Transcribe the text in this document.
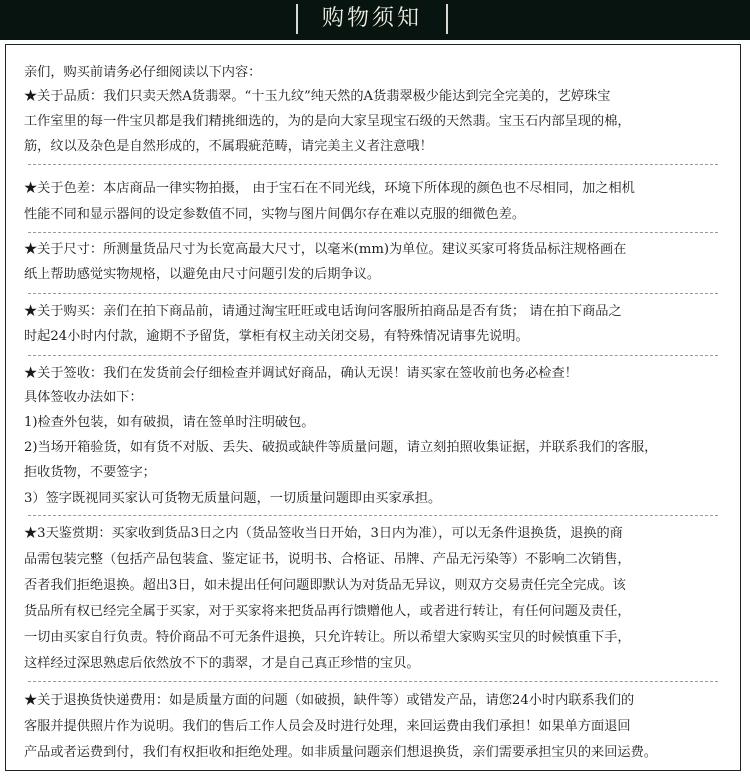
购物须知

亲们，购买前请务必仔细阅读以下内容：

★关于品质：我们只卖天然A货翡翠。“十玉九纹”纯天然的A货翡翠极少能达到完全完美的，艺婷珠宝

工作室里的每一件宝贝都是我们精挑细选的，为的是向大家呈现宝石级的天然翡。宝玉石内部呈现的棉，

筋，纹以及杂色是自然形成的，不属瑕疵范畴，请完美主义者注意哦！

★关于色差：本店商品一律实物拍摄， 由于宝石在不同光线，环境下所体现的颜色也不尽相同，加之相机

性能不同和显示器间的设定参数值不同，实物与图片间偶尔存在难以克服的细微色差。

★关于尺寸：所测量货品尺寸为长宽高最大尺寸，以毫米(mm)为单位。建议买家可将货品标注规格画在

纸上帮助感觉实物规格，以避免由尺寸问题引发的后期争议。

★关于购买：亲们在拍下商品前，请通过淘宝旺旺或电话询问客服所拍商品是否有货； 请在拍下商品之

时起24小时内付款，逾期不予留货，掌柜有权主动关闭交易，有特殊情况请事先说明。

★关于签收：我们在发货前会仔细检查并调试好商品，确认无误！请买家在签收前也务必检查！

具体签收办法如下：

1)检查外包装，如有破损，请在签单时注明破包。

2)当场开箱验货，如有货不对版、丢失、破损或缺件等质量问题，请立刻拍照收集证据，并联系我们的客服，

拒收货物，不要签字；

3）签字既视同买家认可货物无质量问题，一切质量问题即由买家承担。

★3天鉴赏期：买家收到货品3日之内（货品签收当日开始，3日内为准），可以无条件退换货，退换的商

品需包装完整（包括产品包装盒、鉴定证书，说明书、合格证、吊牌、产品无污染等）不影响二次销售，

否者我们拒绝退换。超出3日，如未提出任何问题即默认为对货品无异议，则双方交易责任完全完成。该

货品所有权已经完全属于买家，对于买家将来把货品再行馈赠他人，或者进行转让，有任何问题及责任，

一切由买家自行负责。特价商品不可无条件退换，只允许转让。所以希望大家购买宝贝的时候慎重下手，

这样经过深思熟虑后依然放不下的翡翠，才是自己真正珍惜的宝贝。

★关于退换货快递费用：如是质量方面的问题（如破损，缺件等）或错发产品，请您24小时内联系我们的

客服并提供照片作为说明。我们的售后工作人员会及时进行处理，来回运费由我们承担！如果单方面退回

产品或者运费到付，我们有权拒收和拒绝处理。如非质量问题亲们想退换货，亲们需要承担宝贝的来回运费。
